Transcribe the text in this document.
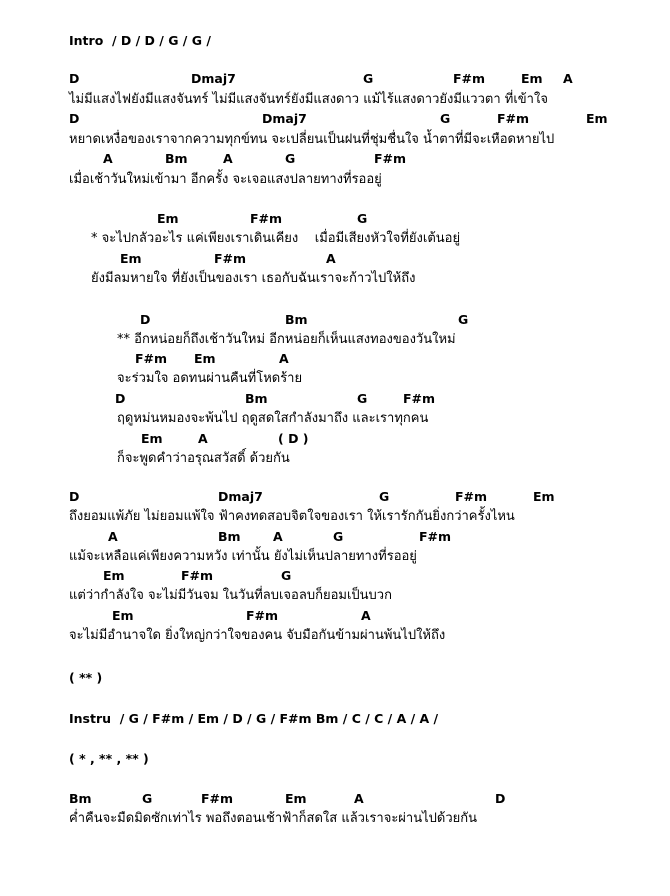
Intro  / D / D / G / G /

D

	Dmaj7

	G

	F#m

	Em

A

ไม่มีแสงไฟยังมีแสงจันทร์ ไม่มีแสงจันทร์ยังมีแสงดาว แม้ไร้แสงดาวยังมีแววตา ที่เข้าใจ

D

	Dmaj7

	G

	F#m

	Em

หยาดเหงื่อของเราจากความทุกข์ทน จะเปลี่ยนเป็นฝนที่ชุ่มชื่นใจ น้ำตาที่มีจะเหือดหายไป

A

	Bm

	A

	G

	F#m

เมื่อเช้าวันใหม่เข้ามา อีกครั้ง จะเจอแสงปลายทางที่รออยู่

Em

	F#m

	G

* จะไปกลัวอะไร แค่เพียงเราเดินเคียง    เมื่อมีเสียงหัวใจที่ยังเต้นอยู่

Em

	F#m

	A

ยังมีลมหายใจ ที่ยังเป็นของเรา เธอกับฉันเราจะก้าวไปให้ถึง

D

	Bm

	G

** อีกหน่อยก็ถึงเช้าวันใหม่ อีกหน่อยก็เห็นแสงทองของวันใหม่

F#m

Em

	A

จะร่วมใจ อดทนผ่านคืนที่โหดร้าย

D

	Bm

	G

	F#m

ฤดูหม่นหมองจะพ้นไป ฤดูสดใสกำลังมาถึง และเราทุกคน

Em

	A

	( D )

ก็จะพูดคำว่าอรุณสวัสดิ์ ด้วยกัน

D

	Dmaj7

	G

	F#m

	Em

ถึงยอมแพ้ภัย ไม่ยอมแพ้ใจ ฟ้าคงทดสอบจิตใจของเรา ให้เรารักกันยิ่งกว่าครั้งไหน

A

	Bm

	A

	G

	F#m

แม้จะเหลือแค่เพียงความหวัง เท่านั้น ยังไม่เห็นปลายทางที่รออยู่

Em

	F#m

	G

แต่ว่ากำลังใจ จะไม่มีวันจม ในวันที่ลบเจอลบก็ยอมเป็นบวก

Em

	F#m

	A

จะไม่มีอำนาจใด ยิ่งใหญ่กว่าใจของคน จับมือกันข้ามผ่านพ้นไปให้ถึง
( ** )
Instru  / G / F#m / Em / D / G / F#m Bm / C / C / A / A /
( * , ** , ** )

Bm

	G

	F#m

	Em

	A

	D

ค่ำคืนจะมืดมิดซักเท่าไร พอถึงตอนเช้าฟ้าก็สดใส แล้วเราจะผ่านไปด้วยกัน
